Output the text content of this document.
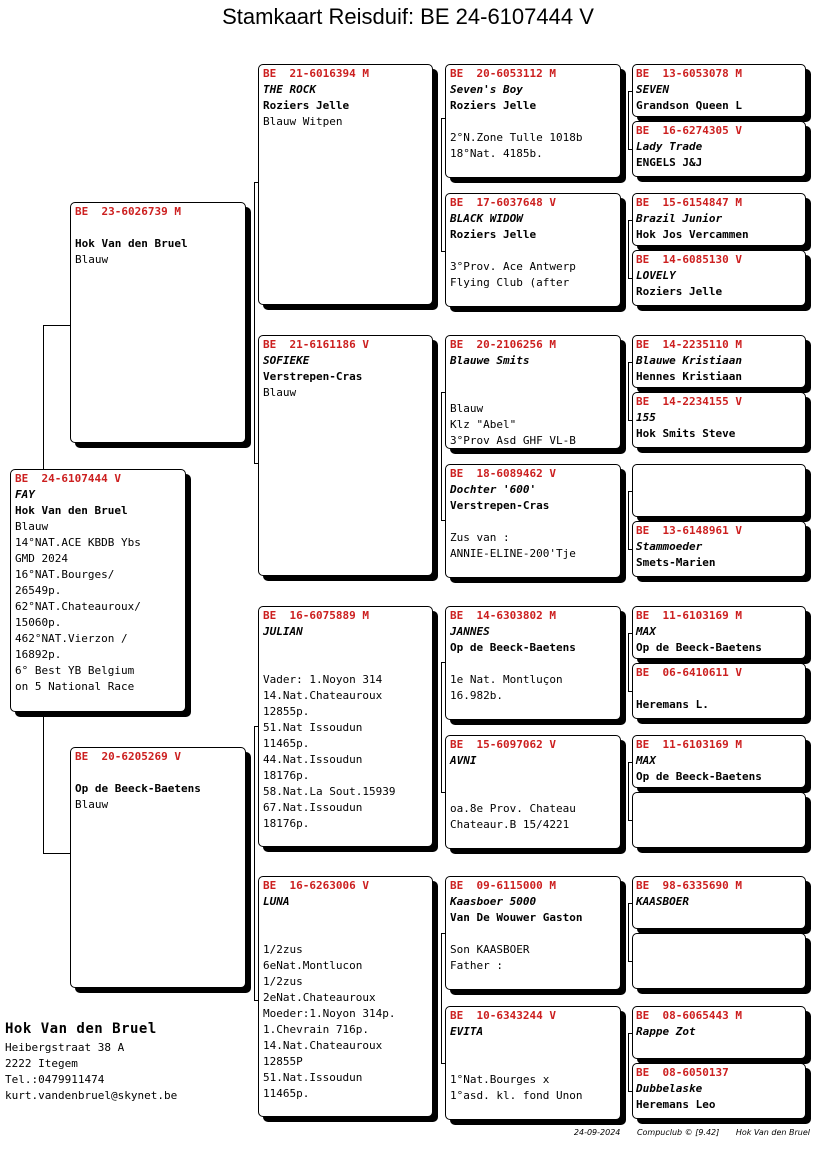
Stamkaart Reisduif: BE 24-6107444 V
BE  24-6107444 V
FAY
Hok Van den Bruel
Blauw
14°NAT.ACE KBDB Ybs
GMD 2024
16°NAT.Bourges/
26549p.
62°NAT.Chateauroux/
15060p.
462°NAT.Vierzon /
16892p.
6° Best YB Belgium
on 5 National Race
BE  23-6026739 M

Hok Van den Bruel
Blauw
BE  20-6205269 V

Op de Beeck-Baetens
Blauw
BE  21-6016394 M
THE ROCK
Roziers Jelle
Blauw Witpen
BE  21-6161186 V
SOFIEKE
Verstrepen-Cras
Blauw
BE  16-6075889 M
JULIAN

Vader: 1.Noyon 314
14.Nat.Chateauroux
12855p.
51.Nat Issoudun
11465p.
44.Nat.Issoudun
18176p.
58.Nat.La Sout.15939
67.Nat.Issoudun
18176p.
BE  16-6263006 V
LUNA

1/2zus
6eNat.Montlucon
1/2zus
2eNat.Chateauroux
Moeder:1.Noyon 314p.
1.Chevrain 716p.
14.Nat.Chateauroux
12855P
51.Nat.Issoudun
11465p.
BE  20-6053112 M
Seven's Boy
Roziers Jelle
2°N.Zone Tulle 1018b
18°Nat. 4185b.
BE  17-6037648 V
BLACK WIDOW
Roziers Jelle
3°Prov. Ace Antwerp
Flying Club (after
BE  20-2106256 M
Blauwe Smits

Blauw
Klz "Abel"
3°Prov Asd GHF VL-B
BE  18-6089462 V
Dochter '600'
Verstrepen-Cras
Zus van :
ANNIE-ELINE-200'Tje
BE  14-6303802 M
JANNES
Op de Beeck-Baetens
1e Nat. Montluçon
16.982b.
BE  15-6097062 V
AVNI

oa.8e Prov. Chateau
Chateaur.B 15/4221
BE  09-6115000 M
Kaasboer 5000
Van De Wouwer Gaston
Son KAASBOER
Father :
BE  10-6343244 V
EVITA

1°Nat.Bourges x
1°asd. kl. fond Unon
BE  13-6053078 M
SEVEN
Grandson Queen L
BE  16-6274305 V
Lady Trade
ENGELS J&J
BE  15-6154847 M
Brazil Junior
Hok Jos Vercammen
BE  14-6085130 V
LOVELY
Roziers Jelle
BE  14-2235110 M
Blauwe Kristiaan
Hennes Kristiaan
BE  14-2234155 V
155
Hok Smits Steve

BE  13-6148961 V
Stammoeder
Smets-Marien
BE  11-6103169 M
MAX
Op de Beeck-Baetens
BE  06-6410611 V

Heremans L.
BE  11-6103169 M
MAX
Op de Beeck-Baetens

BE  98-6335690 M
KAASBOER

BE  08-6065443 M
Rappe Zot

BE  08-6050137
Dubbelaske
Heremans Leo
Hok Van den Bruel
Heibergstraat 38 A
2222 Itegem
Tel.:0479911474
kurt.vandenbruel@skynet.be
24-09-2024 Compuclub © [9.42] Hok Van den Bruel
